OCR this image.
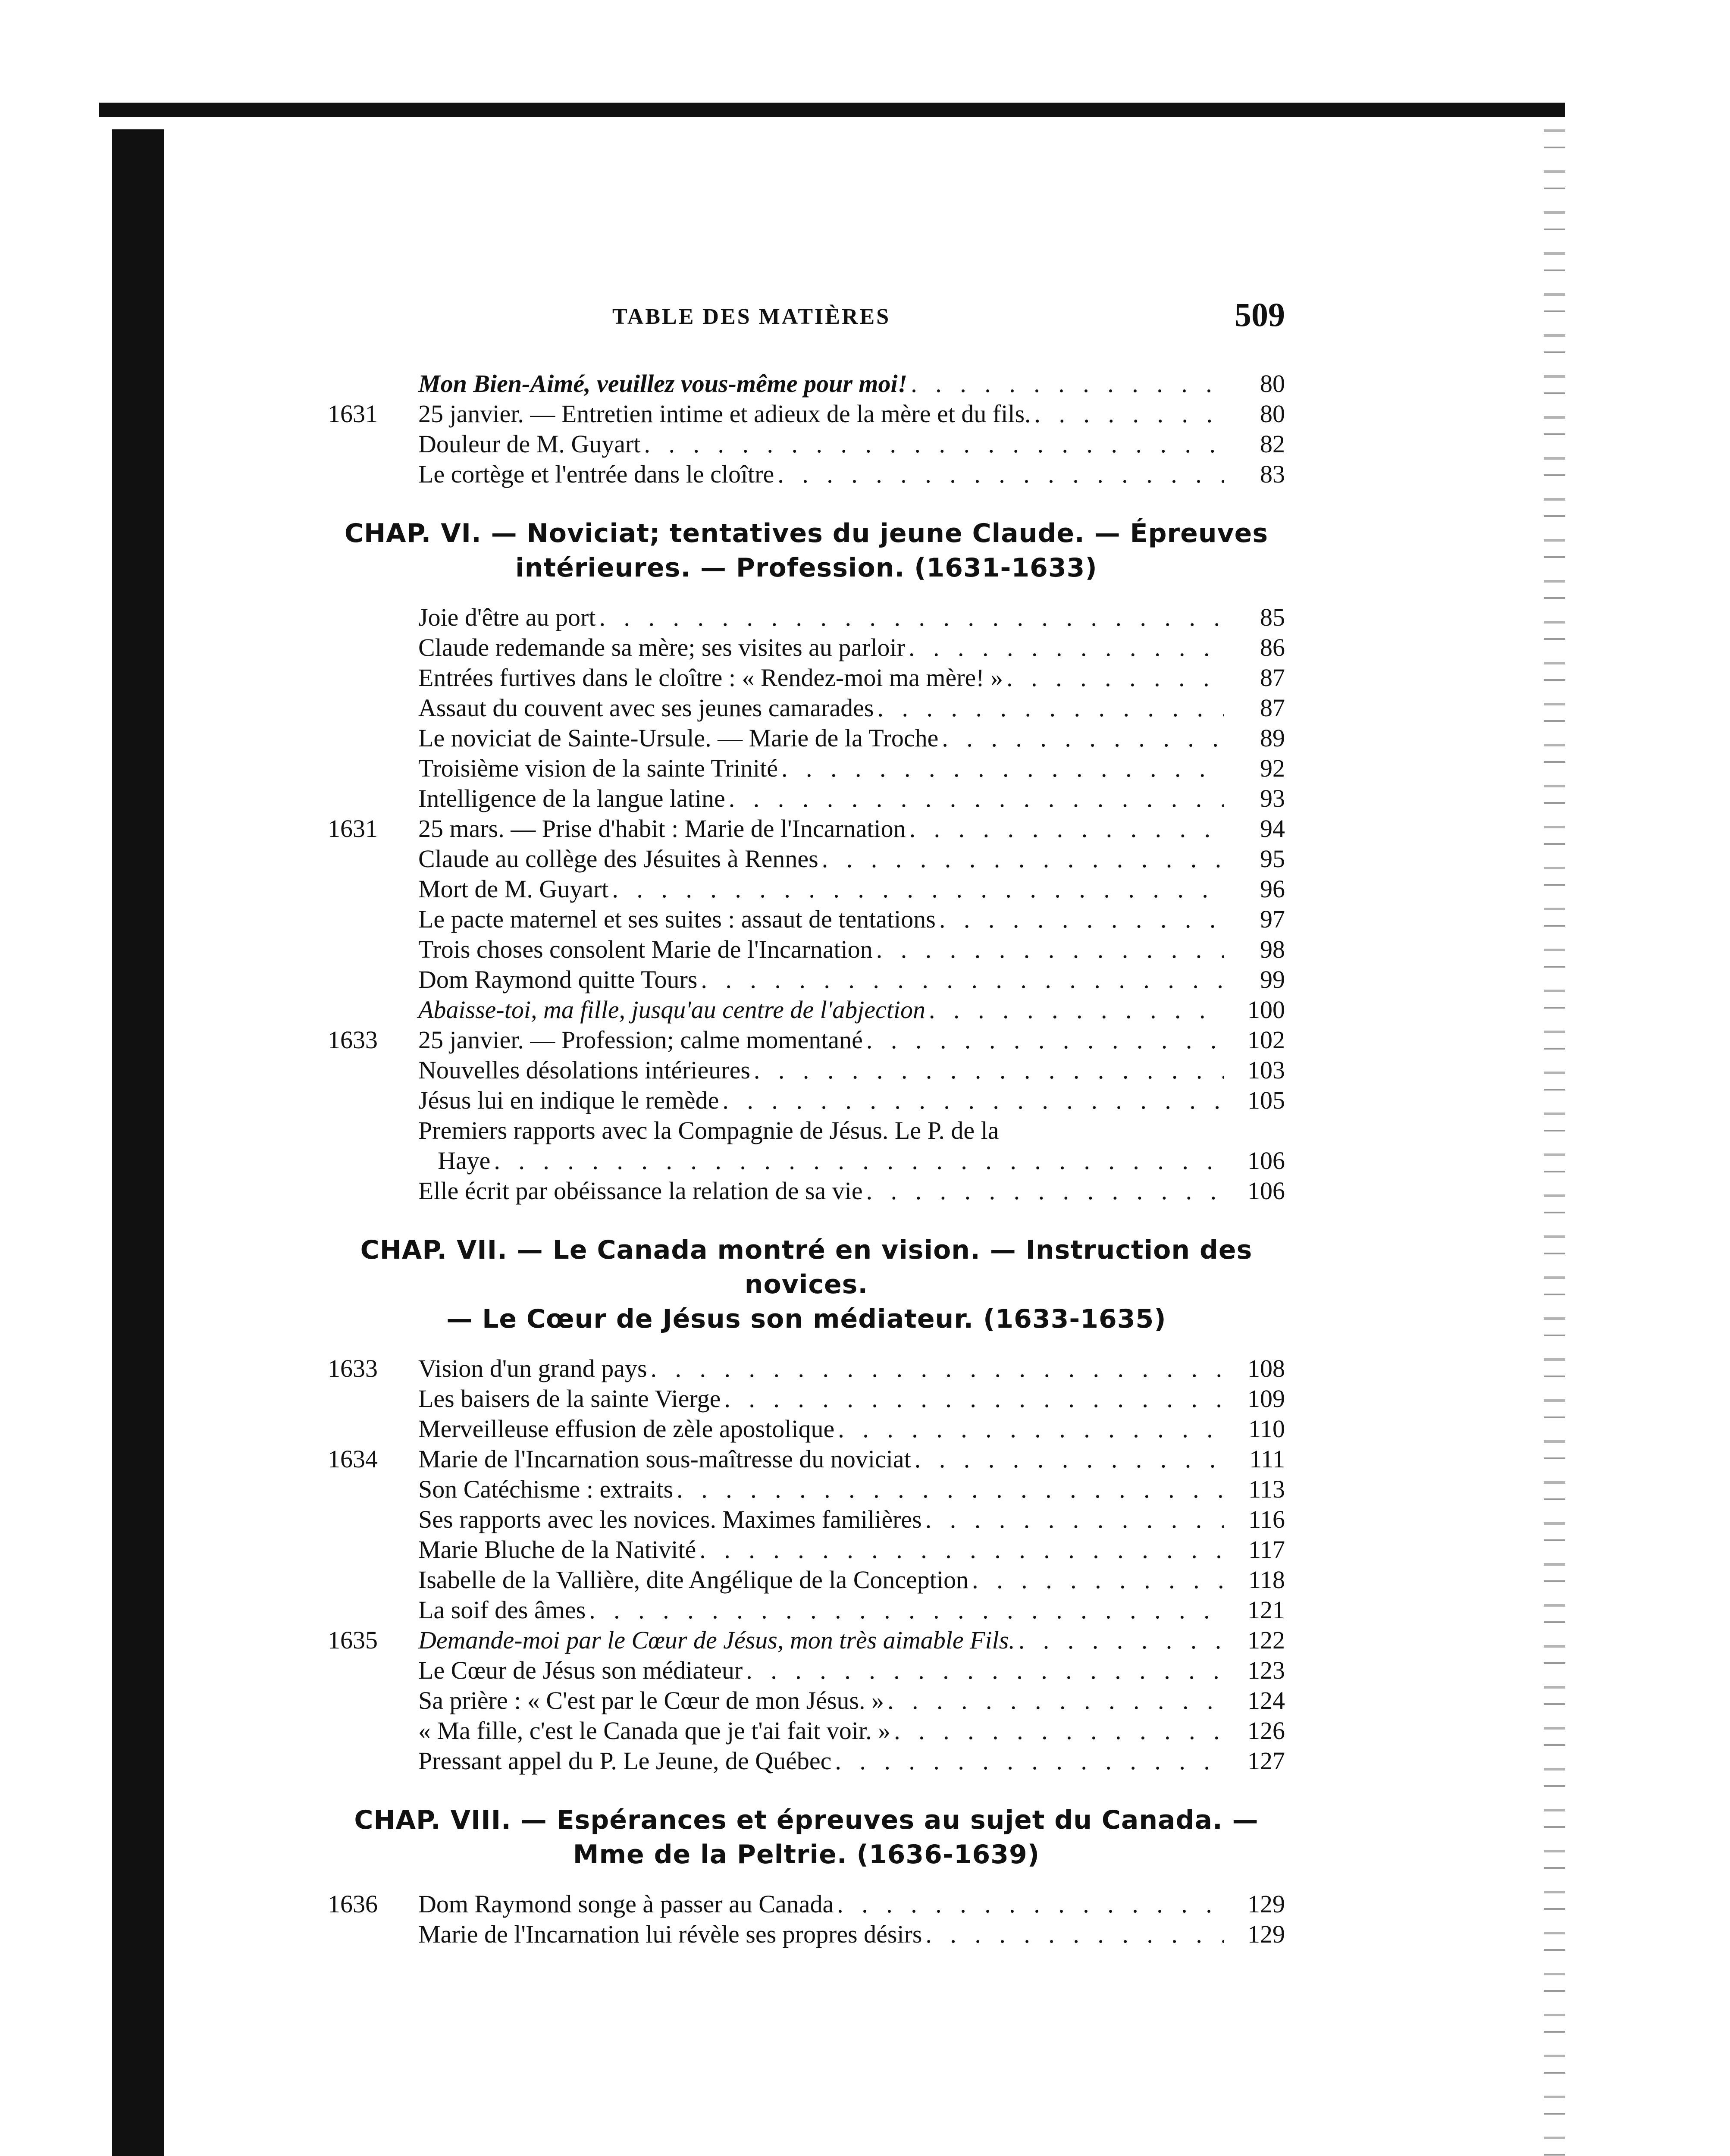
TABLE DES MATIÈRES	509
Mon Bien-Aimé, veuillez vous-même pour moi! . . .	80
1631	25 janvier. — Entretien intime et adieux de la mère et du fils. . . .	80
Douleur de M. Guyart . . .	82
Le cortège et l'entrée dans le cloître . . .	83
CHAP. VI. — Noviciat; tentatives du jeune Claude. — Épreuves
intérieures. — Profession. (1631-1633)
Joie d'être au port . . .	85
Claude redemande sa mère; ses visites au parloir . . .	86
Entrées furtives dans le cloître : « Rendez-moi ma mère! » . . .	87
Assaut du couvent avec ses jeunes camarades . . .	87
Le noviciat de Sainte-Ursule. — Marie de la Troche . . .	89
Troisième vision de la sainte Trinité . . .	92
Intelligence de la langue latine . . .	93
1631	25 mars. — Prise d'habit : Marie de l'Incarnation . . .	94
Claude au collège des Jésuites à Rennes . . .	95
Mort de M. Guyart . . .	96
Le pacte maternel et ses suites : assaut de tentations . . .	97
Trois choses consolent Marie de l'Incarnation . . .	98
Dom Raymond quitte Tours . . .	99
Abaisse-toi, ma fille, jusqu'au centre de l'abjection . . .	100
1633	25 janvier. — Profession; calme momentané . . .	102
Nouvelles désolations intérieures . . .	103
Jésus lui en indique le remède . . .	105
Premiers rapports avec la Compagnie de Jésus. Le P. de la
Haye . . .	106
Elle écrit par obéissance la relation de sa vie . . .	106
CHAP. VII. — Le Canada montré en vision. — Instruction des novices.
— Le Cœur de Jésus son médiateur. (1633-1635)
1633	Vision d'un grand pays . . .	108
Les baisers de la sainte Vierge . . .	109
Merveilleuse effusion de zèle apostolique . . .	110
1634	Marie de l'Incarnation sous-maîtresse du noviciat . . .	111
Son Catéchisme : extraits . . .	113
Ses rapports avec les novices. Maximes familières . . .	116
Marie Bluche de la Nativité . . .	117
Isabelle de la Vallière, dite Angélique de la Conception . . .	118
La soif des âmes . . .	121
1635	Demande-moi par le Cœur de Jésus, mon très aimable Fils. . . .	122
Le Cœur de Jésus son médiateur . . .	123
Sa prière : « C'est par le Cœur de mon Jésus. » . . .	124
« Ma fille, c'est le Canada que je t'ai fait voir. » . . .	126
Pressant appel du P. Le Jeune, de Québec . . .	127
CHAP. VIII. — Espérances et épreuves au sujet du Canada. —
Mme de la Peltrie. (1636-1639)
1636	Dom Raymond songe à passer au Canada . . .	129
Marie de l'Incarnation lui révèle ses propres désirs . . .	129
